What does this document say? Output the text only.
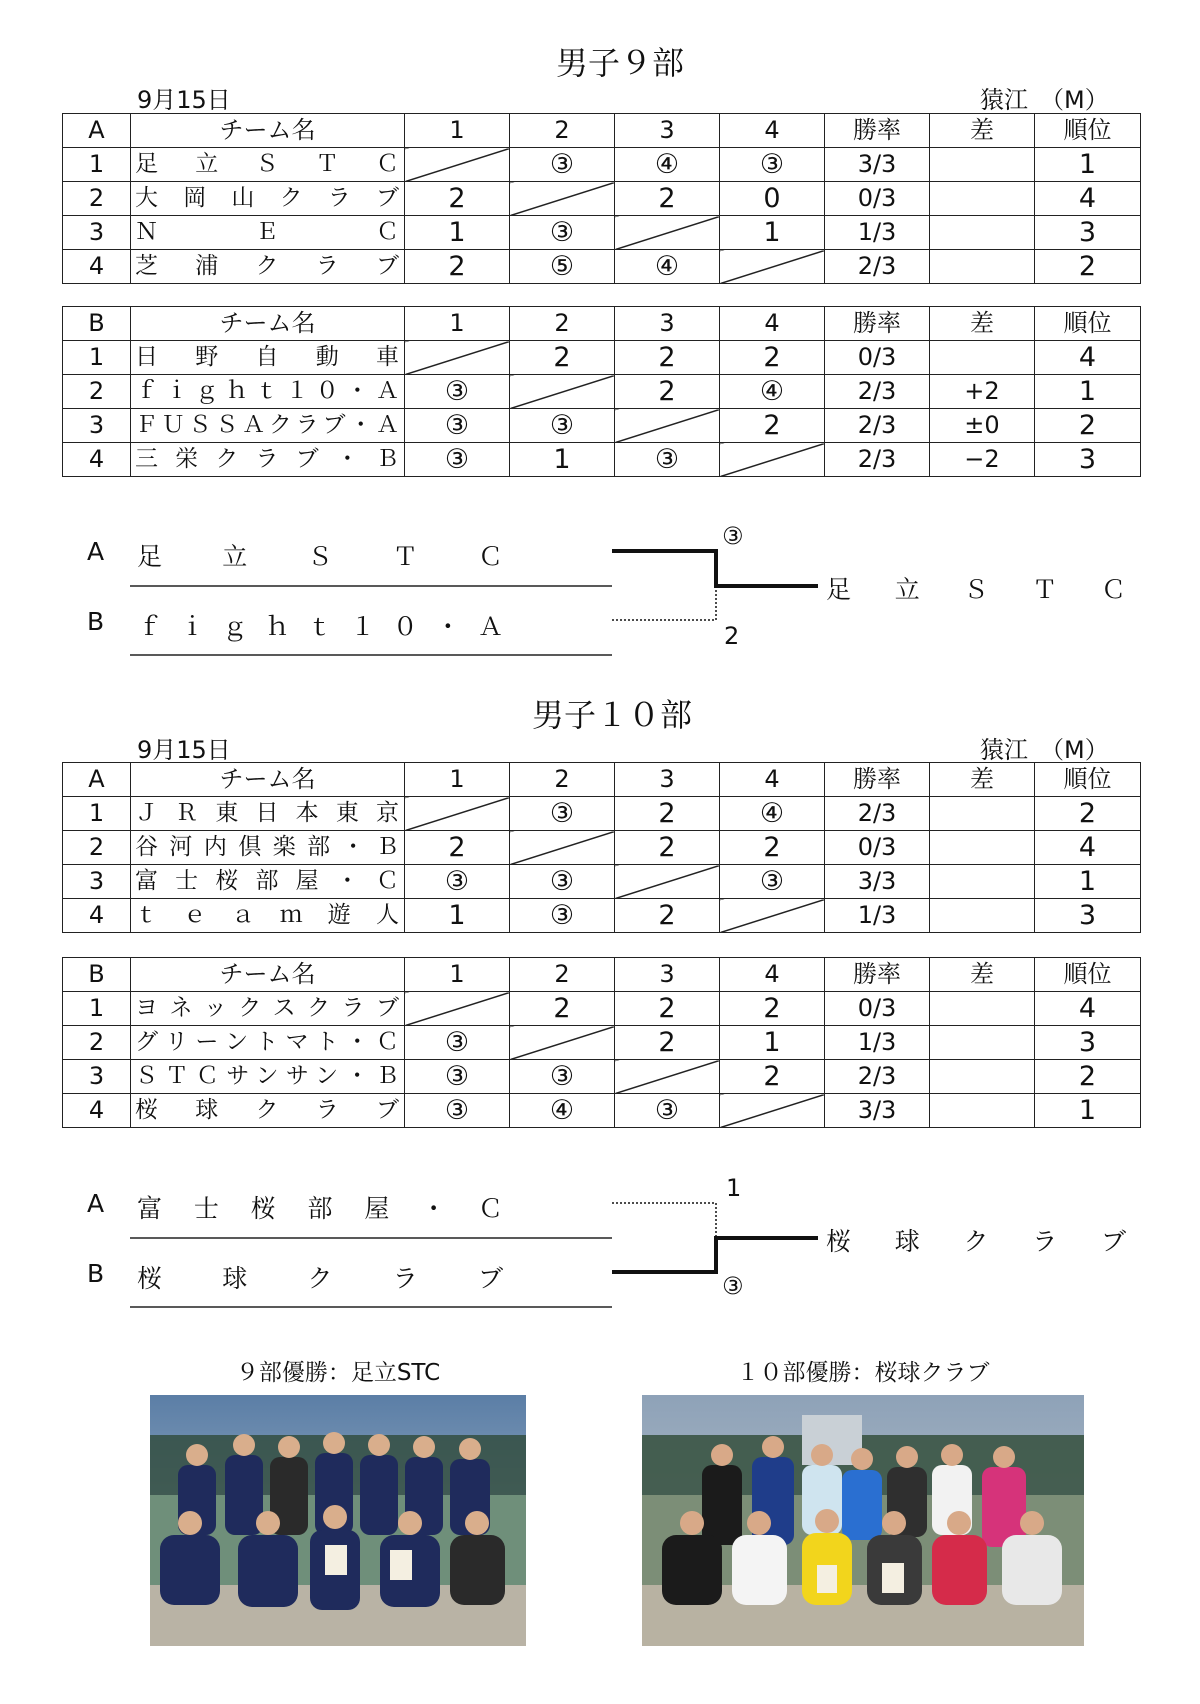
男子９部
9月15日	猿江　（M）
A	チーム名	1	2	3	4	勝率	差	順位
1	足立ＳＴＣ		③	④	③	3/3		1
2	大岡山クラブ	2		2	0	0/3		4
3	ＮＥＣ	1	③		1	1/3		3
4	芝浦クラブ	2	⑤	④		2/3		2
B	チーム名	1	2	3	4	勝率	差	順位
1	日野自動車		2	2	2	0/3		4
2	ｆｉｇｈｔ１０・Ａ	③		2	④	2/3	+2	1
3	ＦＵＳＳＡクラブ・Ａ	③	③		2	2/3	±0	2
4	三栄クラブ・Ｂ	③	1	③		2/3	−2	3
A 足立ＳＴＣ
B ｆｉｇｈｔ１０・Ａ
③
2
足立ＳＴＣ
男子１０部
9月15日	猿江　（M）
A	チーム名	1	2	3	4	勝率	差	順位
1	ＪＲ東日本東京		③	2	④	2/3		2
2	谷河内倶楽部・Ｂ	2		2	2	0/3		4
3	富士桜部屋・Ｃ	③	③		③	3/3		1
4	ｔｅａｍ遊人	1	③	2		1/3		3
B	チーム名	1	2	3	4	勝率	差	順位
1	ヨネックスクラブ		2	2	2	0/3		4
2	グリーントマト・Ｃ	③		2	1	1/3		3
3	ＳＴＣサンサン・Ｂ	③	③		2	2/3		2
4	桜球クラブ	③	④	③		3/3		1
A 富士桜部屋・Ｃ
B 桜球クラブ
1
③
桜球クラブ
９部優勝：足立STC	１０部優勝：桜球クラブ
